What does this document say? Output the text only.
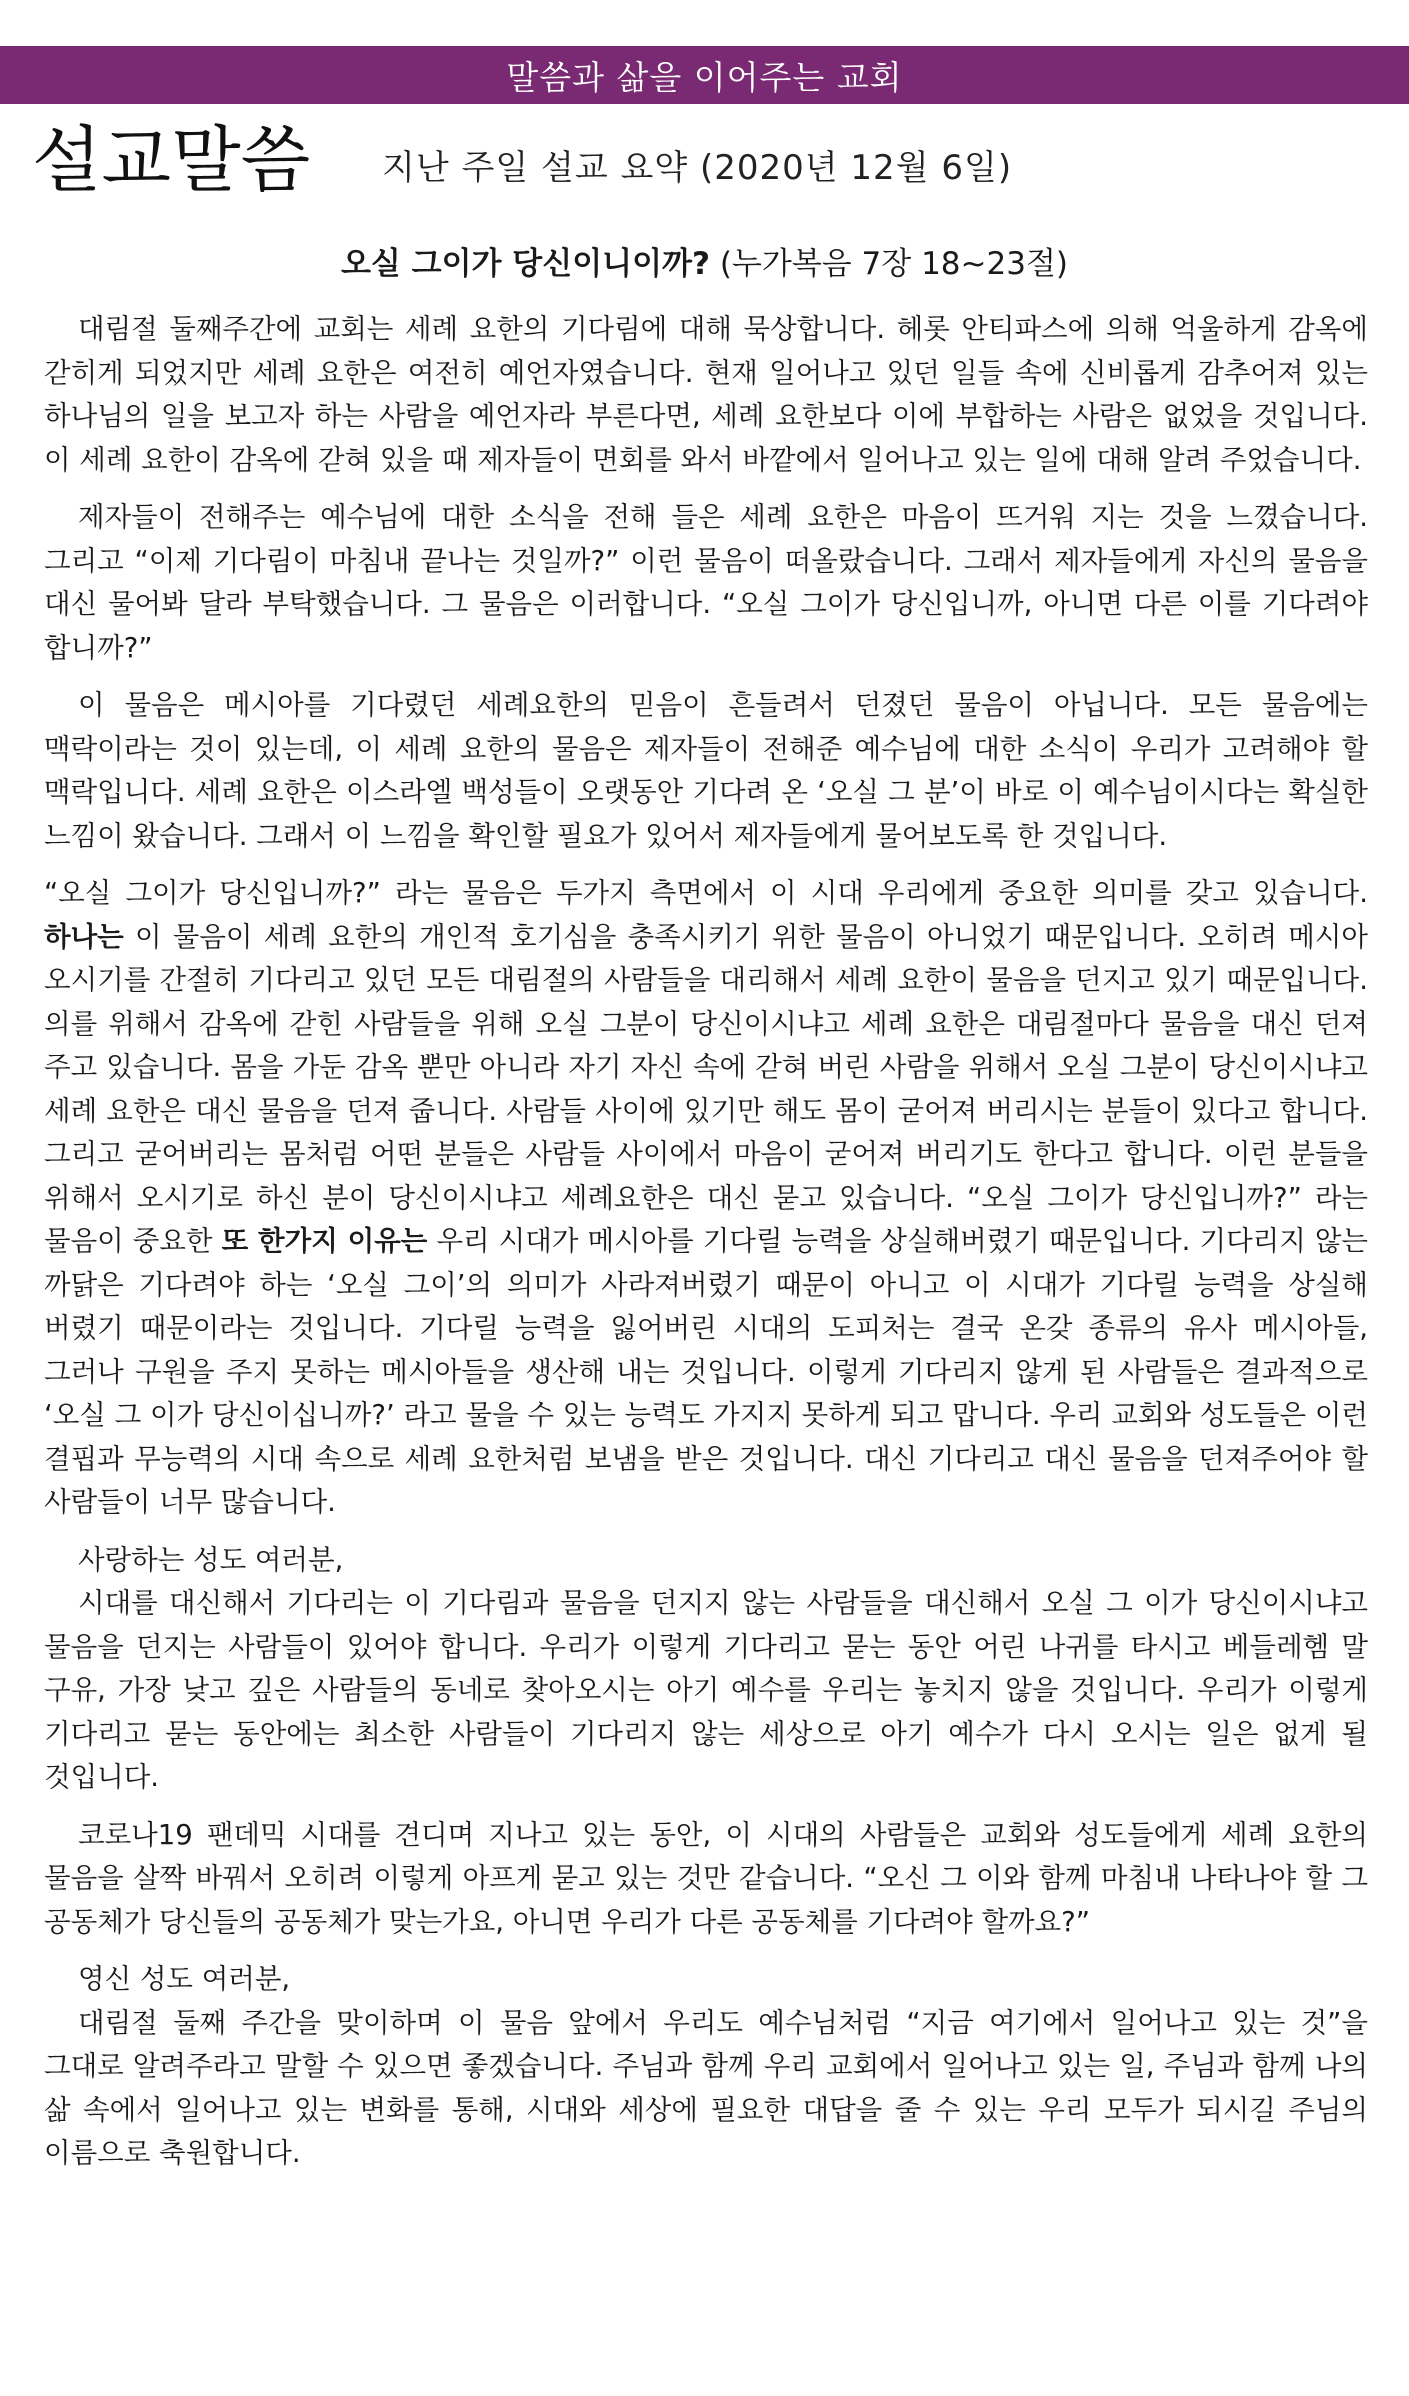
말씀과 삶을 이어주는 교회
설교말씀 지난 주일 설교 요약 (2020년 12월 6일)
오실 그이가 당신이니이까? (누가복음 7장 18~23절)

대림절 둘째주간에 교회는 세례 요한의 기다림에 대해 묵상합니다. 헤롯 안티파스에 의해 억울하게 감옥에 갇히게 되었지만 세례 요한은 여전히 예언자였습니다. 현재 일어나고 있던 일들 속에 신비롭게 감추어져 있는 하나님의 일을 보고자 하는 사람을 예언자라 부른다면, 세례 요한보다 이에 부합하는 사람은 없었을 것입니다. 이 세례 요한이 감옥에 갇혀 있을 때 제자들이 면회를 와서 바깥에서 일어나고 있는 일에 대해 알려 주었습니다.

제자들이 전해주는 예수님에 대한 소식을 전해 들은 세례 요한은 마음이 뜨거워 지는 것을 느꼈습니다. 그리고 “이제 기다림이 마침내 끝나는 것일까?” 이런 물음이 떠올랐습니다. 그래서 제자들에게 자신의 물음을 대신 물어봐 달라 부탁했습니다. 그 물음은 이러합니다. “오실 그이가 당신입니까, 아니면 다른 이를 기다려야 합니까?”

이 물음은 메시아를 기다렸던 세례요한의 믿음이 흔들려서 던졌던 물음이 아닙니다. 모든 물음에는 맥락이라는 것이 있는데, 이 세례 요한의 물음은 제자들이 전해준 예수님에 대한 소식이 우리가 고려해야 할 맥락입니다. 세례 요한은 이스라엘 백성들이 오랫동안 기다려 온 ‘오실 그 분’이 바로 이 예수님이시다는 확실한 느낌이 왔습니다. 그래서 이 느낌을 확인할 필요가 있어서 제자들에게 물어보도록 한 것입니다.

“오실 그이가 당신입니까?” 라는 물음은 두가지 측면에서 이 시대 우리에게 중요한 의미를 갖고 있습니다. 하나는 이 물음이 세례 요한의 개인적 호기심을 충족시키기 위한 물음이 아니었기 때문입니다. 오히려 메시아 오시기를 간절히 기다리고 있던 모든 대림절의 사람들을 대리해서 세례 요한이 물음을 던지고 있기 때문입니다. 의를 위해서 감옥에 갇힌 사람들을 위해 오실 그분이 당신이시냐고 세례 요한은 대림절마다 물음을 대신 던져 주고 있습니다. 몸을 가둔 감옥 뿐만 아니라 자기 자신 속에 갇혀 버린 사람을 위해서 오실 그분이 당신이시냐고 세례 요한은 대신 물음을 던져 줍니다. 사람들 사이에 있기만 해도 몸이 굳어져 버리시는 분들이 있다고 합니다. 그리고 굳어버리는 몸처럼 어떤 분들은 사람들 사이에서 마음이 굳어져 버리기도 한다고 합니다. 이런 분들을 위해서 오시기로 하신 분이 당신이시냐고 세례요한은 대신 묻고 있습니다. “오실 그이가 당신입니까?” 라는 물음이 중요한 또 한가지 이유는 우리 시대가 메시아를 기다릴 능력을 상실해버렸기 때문입니다. 기다리지 않는 까닭은 기다려야 하는 ‘오실 그이’의 의미가 사라져버렸기 때문이 아니고 이 시대가 기다릴 능력을 상실해 버렸기 때문이라는 것입니다. 기다릴 능력을 잃어버린 시대의 도피처는 결국 온갖 종류의 유사 메시아들, 그러나 구원을 주지 못하는 메시아들을 생산해 내는 것입니다. 이렇게 기다리지 않게 된 사람들은 결과적으로 ‘오실 그 이가 당신이십니까?’ 라고 물을 수 있는 능력도 가지지 못하게 되고 맙니다. 우리 교회와 성도들은 이런 결핍과 무능력의 시대 속으로 세례 요한처럼 보냄을 받은 것입니다. 대신 기다리고 대신 물음을 던져주어야 할 사람들이 너무 많습니다.

사랑하는 성도 여러분,

시대를 대신해서 기다리는 이 기다림과 물음을 던지지 않는 사람들을 대신해서 오실 그 이가 당신이시냐고 물음을 던지는 사람들이 있어야 합니다. 우리가 이렇게 기다리고 묻는 동안 어린 나귀를 타시고 베들레헴 말 구유, 가장 낮고 깊은 사람들의 동네로 찾아오시는 아기 예수를 우리는 놓치지 않을 것입니다. 우리가 이렇게 기다리고 묻는 동안에는 최소한 사람들이 기다리지 않는 세상으로 아기 예수가 다시 오시는 일은 없게 될 것입니다.

코로나19 팬데믹 시대를 견디며 지나고 있는 동안, 이 시대의 사람들은 교회와 성도들에게 세례 요한의 물음을 살짝 바꿔서 오히려 이렇게 아프게 묻고 있는 것만 같습니다. “오신 그 이와 함께 마침내 나타나야 할 그 공동체가 당신들의 공동체가 맞는가요, 아니면 우리가 다른 공동체를 기다려야 할까요?”

영신 성도 여러분,

대림절 둘째 주간을 맞이하며 이 물음 앞에서 우리도 예수님처럼 “지금 여기에서 일어나고 있는 것”을 그대로 알려주라고 말할 수 있으면 좋겠습니다. 주님과 함께 우리 교회에서 일어나고 있는 일, 주님과 함께 나의 삶 속에서 일어나고 있는 변화를 통해, 시대와 세상에 필요한 대답을 줄 수 있는 우리 모두가 되시길 주님의 이름으로 축원합니다.
